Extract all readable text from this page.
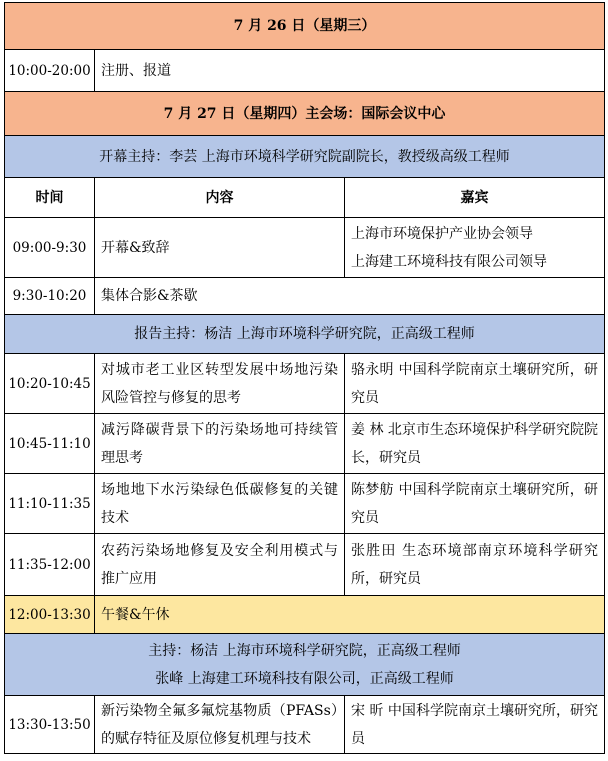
7 月 26 日（星期三）		
10:00-20:00	注册、报道	
7 月 27 日（星期四）主会场：国际会议中心		
开幕主持：李芸 上海市环境科学研究院副院长，教授级高级工程师		
时间	内容	嘉宾
09:00-9:30	开幕&致辞	上海市环境保护产业协会领导
上海建工环境科技有限公司领导

9:30-10:20	集体合影&茶歇	
报告主持：杨洁 上海市环境科学研究院，正高级工程师		
10:20-10:45	对城市老工业区转型发展中场地污染风险管控与修复的思考	骆永明 中国科学院南京土壤研究所，研究员
10:45-11:10	减污降碳背景下的污染场地可持续管理思考	姜 林 北京市生态环境保护科学研究院院长，研究员
11:10-11:35	场地地下水污染绿色低碳修复的关键技术	陈梦舫 中国科学院南京土壤研究所，研究员
11:35-12:00	农药污染场地修复及安全利用模式与推广应用	张胜田 生态环境部南京环境科学研究所，研究员
12:00-13:30	午餐&午休	

主持：杨洁 上海市环境科学研究院，正高级工程师
张峰 上海建工环境科技有限公司，正高级工程师		

13:30-13:50	新污染物全氟多氟烷基物质（PFASs）的赋存特征及原位修复机理与技术	宋 昕 中国科学院南京土壤研究所，研究员
